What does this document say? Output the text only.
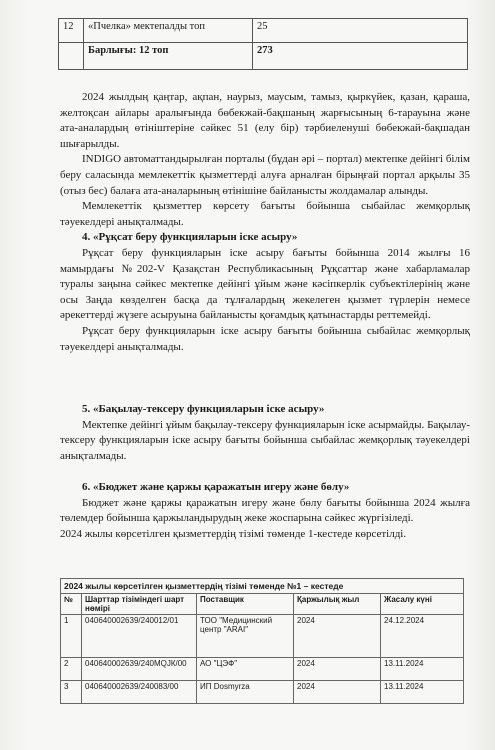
12	«Пчелка» мектепалды топ	25
	Барлығы: 12 топ	273

2024 жылдың қаңтар, ақпан, наурыз, маусым, тамыз, қыркүйек, қазан, қараша, желтоқсан айлары аралығында бөбекжай-бақшаның жарғысының 6-тарауына және ата-аналардың өтініштеріне сәйкес 51 (елу бір) тәрбиеленуші бөбекжай-бақшадан шығарылды.

INDIGO автоматтандырылған порталы (бұдан әрі – портал) мектепке дейінгі білім беру саласында мемлекеттік қызметтерді алуға арналған бірыңғай портал арқылы 35 (отыз бес) балаға ата-аналарының өтінішіне байланысты жолдамалар алынды.

Мемлекеттік қызметтер көрсету бағыты бойынша сыбайлас жемқорлық тәуекелдері анықталмады.

4. «Рұқсат беру функцияларын іске асыру»

Рұқсат беру функцияларын іске асыру бағыты бойынша 2014 жылғы 16 мамырдағы №202-V Қазақстан Республикасының Рұқсаттар және хабарламалар туралы заңына сәйкес мектепке дейінгі ұйым және кәсіпкерлік субъектілерінің және осы Заңда көзделген басқа да тұлғалардың жекелеген қызмет түрлерін немесе әрекеттерді жүзеге асыруына байланысты қоғамдық қатынастарды реттемейді.

Рұқсат беру функцияларын іске асыру бағыты бойынша сыбайлас жемқорлық тәуекелдері анықталмады.

5. «Бақылау-тексеру функцияларын іске асыру»

Мектепке дейінгі ұйым бақылау-тексеру функцияларын іске асырмайды. Бақылау-тексеру функцияларын іске асыру бағыты бойынша сыбайлас жемқорлық тәуекелдері анықталмады.

6. «Бюджет және қаржы қаражатын игеру және бөлу»

Бюджет және қаржы қаражатын игеру және бөлу бағыты бойынша 2024 жылға төлемдер бойынша қаржыландырудың жеке жоспарына сәйкес жүргізіледі.

2024 жылы көрсетілген қызметтердің тізімі төменде 1-кестеде көрсетілді.

2024 жылы көрсетілген қызметтердің тізімі төменде №1 – кестеде				
№	Шарттар тізіміндегі шарт нөмірі	Поставщик	Қаржылық жыл	Жасалу күні
1	040640002639/240012/01	ТОО "Медицинский центр "ARAI"	2024	24.12.2024
2	040640002639/240МQJК/00	АО "ЦЭФ"	2024	13.11.2024
3	040640002639/240083/00	ИП Dosmyrza	2024	13.11.2024
